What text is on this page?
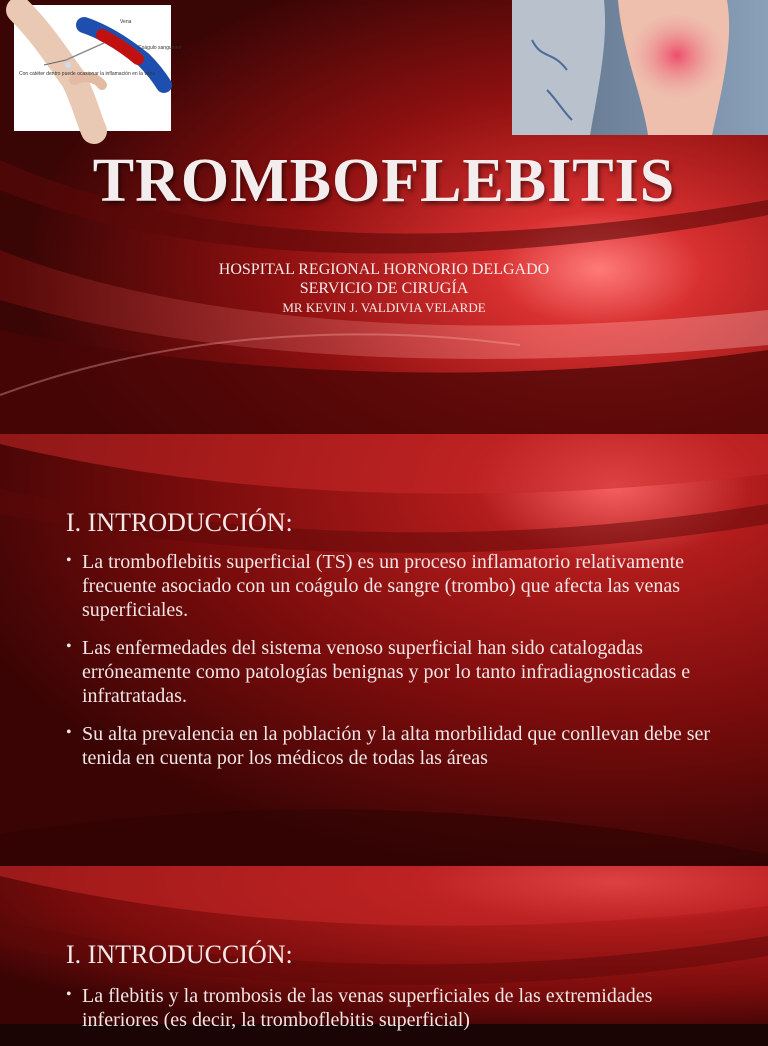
Con catéter dentro puede ocasionar la inflamación en la vena
Vena
Coágulo sanguíneo
TROMBOFLEBITIS
HOSPITAL REGIONAL HORNORIO DELGADO
SERVICIO DE CIRUGÍA
MR KEVIN J. VALDIVIA VELARDE
I. INTRODUCCIÓN:
• La tromboflebitis superficial (TS) es un proceso inflamatorio relativamente frecuente asociado con un coágulo de sangre (trombo) que afecta las venas superficiales.
• Las enfermedades del sistema venoso superficial han sido catalogadas erróneamente como patologías benignas y por lo tanto infradiagnosticadas e infratratadas.
• Su alta prevalencia en la población y la alta morbilidad que conllevan debe ser tenida en cuenta por los médicos de todas las áreas
I. INTRODUCCIÓN:
• La flebitis y la trombosis de las venas superficiales de las extremidades inferiores (es decir, la tromboflebitis superficial)
